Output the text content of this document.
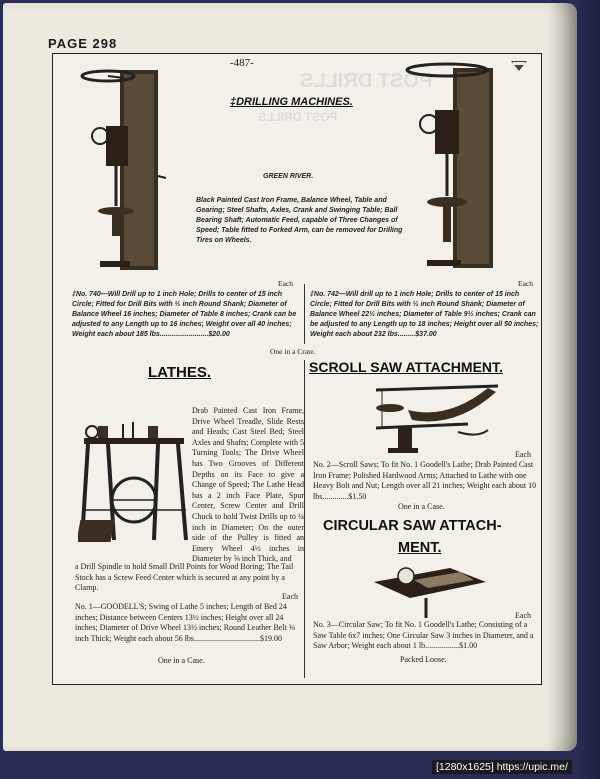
PAGE 298
POST DRILLS
POST DRILLS
-487-
‡DRILLING MACHINES.
GREEN RIVER.
Black Painted Cast Iron Frame, Balance Wheel, Table and Gearing; Steel Shafts, Axles, Crank and Swinging Table; Ball Bearing Shaft; Automatic Feed, capable of Three Changes of Speed; Table fitted to Forked Arm, can be removed for Drilling Tires on Wheels.
Each	Each
‡No. 740—Will Drill up to 1 inch Hole; Drills to center of 15 inch Circle; Fitted for Drill Bits with ½ inch Round Shank; Diameter of Balance Wheel 16 inches; Diameter of Table 8 inches; Crank can be adjusted to any Length up to 16 inches; Weight over all 40 inches; Weight each about 185 lbs.........................$20.00
‡No. 742—Will drill up to 1 inch Hole; Drills to center of 15 inch Circle; Fitted for Drill Bits with ½ inch Round Shank; Diameter of Balance Wheel 22½ inches; Diameter of Table 9½ inches; Crank can be adjusted to any Length up to 18 inches; Height over all 50 inches; Weight each about 232 lbs.........$37.00
One in a Crate.
LATHES.
Drab Painted Cast Iron Frame, Drive Wheel Treadle, Slide Rests and Heads; Cast Steel Bed; Steel Axles and Shafts; Complete with 5 Turning Tools; The Drive Wheel has Two Grooves of Different Depths on its Face to give a Change of Speed; The Lathe Head has a 2 inch Face Plate, Spur Center, Screw Center and Drill Chuck to hold Twist Drills up to ¼ inch in Diameter; On the outer side of the Pulley is fitted an Emery Wheel 4½ inches in Diameter by ⅝ inch Thick, and
a Drill Spindle to hold Small Drill Points for Wood Boring; The Tail Stock has a Screw Feed Center which is secured at any point by a Clamp.
Each
No. 1—GOODELL'S; Swing of Lathe 5 inches; Length of Bed 24 inches; Distance between Centers 13½ inches; Height over all 24 inches; Diameter of Drive Wheel 13½ inches; Round Leather Belt ⅜ inch Thick; Weight each about 56 lbs.................................$19.00
One in a Case.
SCROLL SAW ATTACHMENT.
Each
No. 2—Scroll Saws; To fit No. 1 Goodell's Lathe; Drab Painted Cast Iron Frame; Polished Hardwood Arms; Attached to Lathe with one Heavy Bolt and Nut; Length over all 21 inches; Weight each about 10 lbs.............$1.50
One in a Case.
CIRCULAR SAW ATTACH-
MENT.
Each
No. 3—Circular Saw; To fit No. 1 Goodell's Lathe; Consisting of a Saw Table 6x7 inches; One Circular Saw 3 inches in Diameter, and a Saw Arbor; Weight each about 1 lb.................$1.00
Packed Loose.
[1280x1625] https://upic.me/
